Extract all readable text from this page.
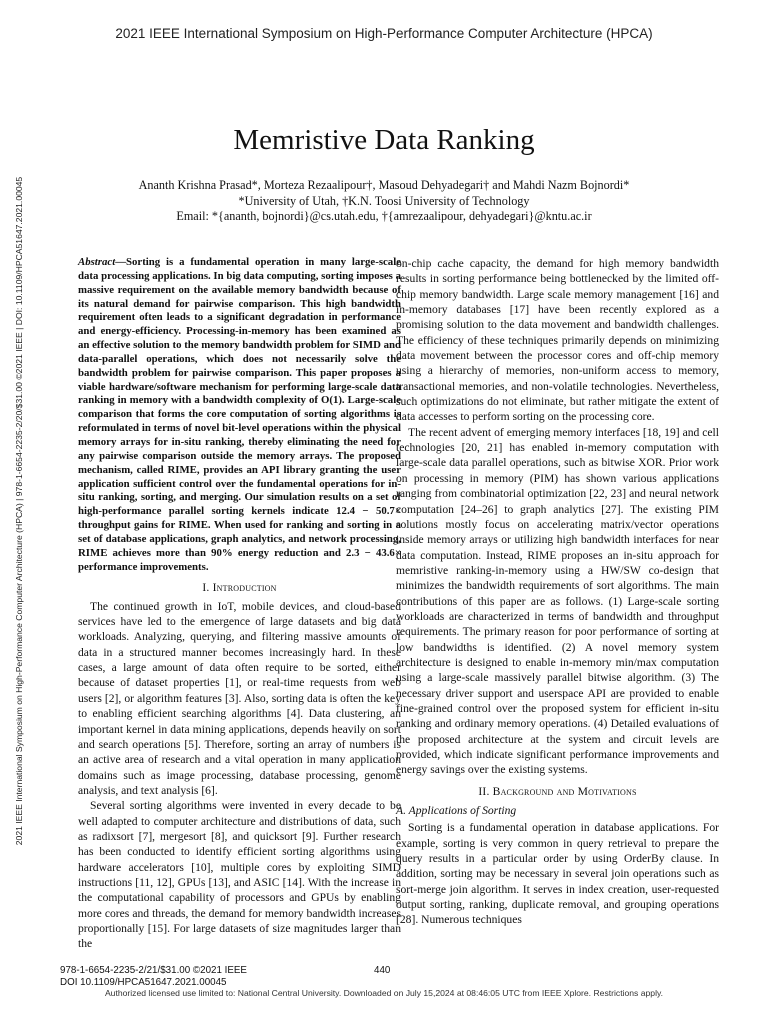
2021 IEEE International Symposium on High-Performance Computer Architecture (HPCA)
2021 IEEE International Symposium on High-Performance Computer Architecture (HPCA) | 978-1-6654-2235-2/20/$31.00 ©2021 IEEE | DOI: 10.1109/HPCA51647.2021.00045
Memristive Data Ranking
Ananth Krishna Prasad*, Morteza Rezaalipour†, Masoud Dehyadegari† and Mahdi Nazm Bojnordi*
*University of Utah, †K.N. Toosi University of Technology
Email: *{ananth, bojnordi}@cs.utah.edu, †{amrezaalipour, dehyadegari}@kntu.ac.ir
Abstract—Sorting is a fundamental operation in many large-scale data processing applications. In big data computing, sorting imposes a massive requirement on the available memory bandwidth because of its natural demand for pairwise comparison. This high bandwidth requirement often leads to a significant degradation in performance and energy-efficiency. Processing-in-memory has been examined as an effective solution to the memory bandwidth problem for SIMD and data-parallel operations, which does not necessarily solve the bandwidth problem for pairwise comparison. This paper proposes a viable hardware/software mechanism for performing large-scale data ranking in memory with a bandwidth complexity of O(1). Large-scale comparison that forms the core computation of sorting algorithms is reformulated in terms of novel bit-level operations within the physical memory arrays for in-situ ranking, thereby eliminating the need for any pairwise comparison outside the memory arrays. The proposed mechanism, called RIME, provides an API library granting the user application sufficient control over the fundamental operations for in-situ ranking, sorting, and merging. Our simulation results on a set of high-performance parallel sorting kernels indicate 12.4 − 50.7× throughput gains for RIME. When used for ranking and sorting in a set of database applications, graph analytics, and network processing, RIME achieves more than 90% energy reduction and 2.3 − 43.6× performance improvements.
I. Introduction

The continued growth in IoT, mobile devices, and cloud-based services have led to the emergence of large datasets and big data workloads. Analyzing, querying, and filtering massive amounts of data in a structured manner becomes increasingly hard. In these cases, a large amount of data often require to be sorted, either because of dataset properties [1], or real-time requests from web users [2], or algorithm features [3]. Also, sorting data is often the key to enabling efficient searching algorithms [4]. Data clustering, an important kernel in data mining applications, depends heavily on sort and search operations [5]. Therefore, sorting an array of numbers is an active area of research and a vital operation in many application domains such as image processing, database processing, genome analysis, and text analysis [6].

Several sorting algorithms were invented in every decade to be well adapted to computer architecture and distributions of data, such as radixsort [7], mergesort [8], and quicksort [9]. Further research has been conducted to identify efficient sorting algorithms using hardware accelerators [10], multiple cores by exploiting SIMD instructions [11, 12], GPUs [13], and ASIC [14]. With the increase in the computational capability of processors and GPUs by enabling more cores and threads, the demand for memory bandwidth increases proportionally [15]. For large datasets of size magnitudes larger than the

on-chip cache capacity, the demand for high memory bandwidth results in sorting performance being bottlenecked by the limited off-chip memory bandwidth. Large scale memory management [16] and in-memory databases [17] have been recently explored as a promising solution to the data movement and bandwidth challenges. The efficiency of these techniques primarily depends on minimizing data movement between the processor cores and off-chip memory using a hierarchy of memories, non-uniform access to memory, transactional memories, and non-volatile technologies. Nevertheless, such optimizations do not eliminate, but rather mitigate the extent of data accesses to perform sorting on the processing core.

The recent advent of emerging memory interfaces [18, 19] and cell technologies [20, 21] has enabled in-memory computation with large-scale data parallel operations, such as bitwise XOR. Prior work on processing in memory (PIM) has shown various applications ranging from combinatorial optimization [22, 23] and neural network computation [24–26] to graph analytics [27]. The existing PIM solutions mostly focus on accelerating matrix/vector operations inside memory arrays or utilizing high bandwidth interfaces for near data computation. Instead, RIME proposes an in-situ approach for memristive ranking-in-memory using a HW/SW co-design that minimizes the bandwidth requirements of sort algorithms. The main contributions of this paper are as follows. (1) Large-scale sorting workloads are characterized in terms of bandwidth and throughput requirements. The primary reason for poor performance of sorting at low bandwidths is identified. (2) A novel memory system architecture is designed to enable in-memory min/max computation using a large-scale massively parallel bitwise algorithm. (3) The necessary driver support and userspace API are provided to enable fine-grained control over the proposed system for efficient in-situ ranking and ordinary memory operations. (4) Detailed evaluations of the proposed architecture at the system and circuit levels are provided, which indicate significant performance improvements and energy savings over the existing systems.

II. Background and Motivations
A. Applications of Sorting

Sorting is a fundamental operation in database applications. For example, sorting is very common in query retrieval to prepare the query results in a particular order by using OrderBy clause. In addition, sorting may be necessary in several join operations such as sort-merge join algorithm. It serves in index creation, user-requested output sorting, ranking, duplicate removal, and grouping operations [28]. Numerous techniques

978-1-6654-2235-2/21/$31.00 ©2021 IEEE
DOI 10.1109/HPCA51647.2021.00045
440
Authorized licensed use limited to: National Central University. Downloaded on July 15,2024 at 08:46:05 UTC from IEEE Xplore. Restrictions apply.
